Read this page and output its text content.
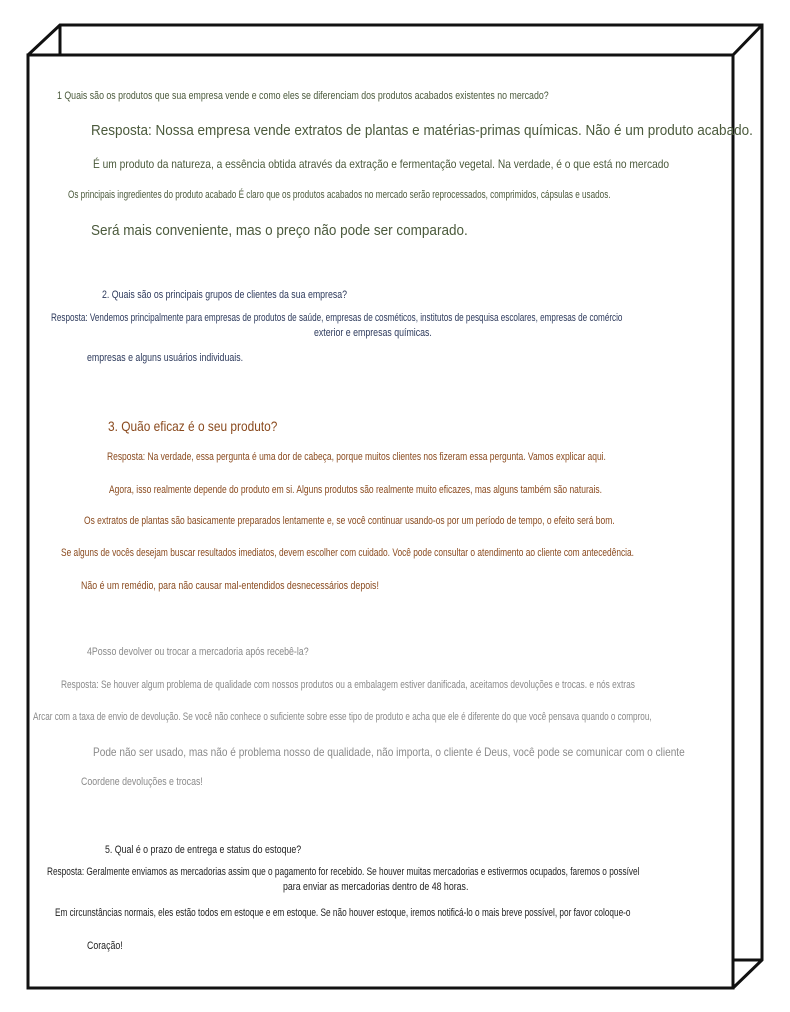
1 Quais são os produtos que sua empresa vende e como eles se diferenciam dos produtos acabados existentes no mercado?
Resposta: Nossa empresa vende extratos de plantas e matérias-primas químicas. Não é um produto acabado.
É um produto da natureza, a essência obtida através da extração e fermentação vegetal. Na verdade, é o que está no mercado
Os principais ingredientes do produto acabado É claro que os produtos acabados no mercado serão reprocessados, comprimidos, cápsulas e usados.
Será mais conveniente, mas o preço não pode ser comparado.
2. Quais são os principais grupos de clientes da sua empresa?
Resposta: Vendemos principalmente para empresas de produtos de saúde, empresas de cosméticos, institutos de pesquisa escolares, empresas de comércio
exterior e empresas químicas.
empresas e alguns usuários individuais.
3. Quão eficaz é o seu produto?
Resposta: Na verdade, essa pergunta é uma dor de cabeça, porque muitos clientes nos fizeram essa pergunta. Vamos explicar aqui.
Agora, isso realmente depende do produto em si. Alguns produtos são realmente muito eficazes, mas alguns também são naturais.
Os extratos de plantas são basicamente preparados lentamente e, se você continuar usando-os por um período de tempo, o efeito será bom.
Se alguns de vocês desejam buscar resultados imediatos, devem escolher com cuidado. Você pode consultar o atendimento ao cliente com antecedência.
Não é um remédio, para não causar mal-entendidos desnecessários depois!
4Posso devolver ou trocar a mercadoria após recebê-la?
Resposta: Se houver algum problema de qualidade com nossos produtos ou a embalagem estiver danificada, aceitamos devoluções e trocas. e nós extras
Arcar com a taxa de envio de devolução. Se você não conhece o suficiente sobre esse tipo de produto e acha que ele é diferente do que você pensava quando o comprou,
Pode não ser usado, mas não é problema nosso de qualidade, não importa, o cliente é Deus, você pode se comunicar com o cliente
Coordene devoluções e trocas!
5. Qual é o prazo de entrega e status do estoque?
Resposta: Geralmente enviamos as mercadorias assim que o pagamento for recebido. Se houver muitas mercadorias e estivermos ocupados, faremos o possível
para enviar as mercadorias dentro de 48 horas.
Em circunstâncias normais, eles estão todos em estoque e em estoque. Se não houver estoque, iremos notificá-lo o mais breve possível, por favor coloque-o
Coração!
